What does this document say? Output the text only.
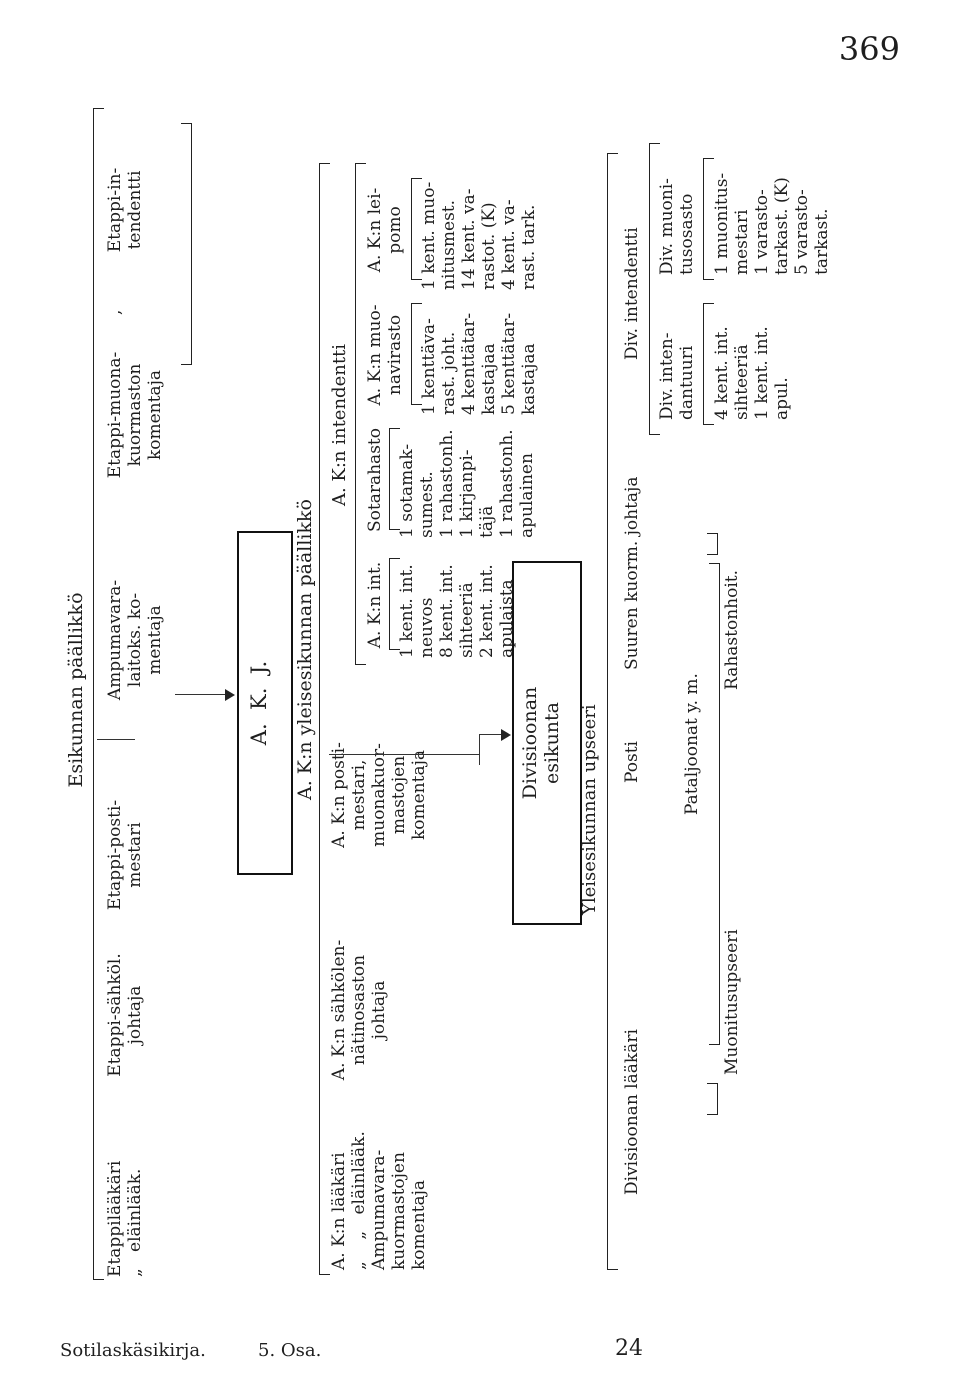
369
Sotilaskäsikirja.	5. Osa.	24
Esikunnan päällikkö
Etappilääkäri
„   eläinlääk.
Etappi-sähköl.
johtaja
Etappi-posti-
mestari
Ampumavara-
laitoks. ko-
mentaja
Etappi-muona-
kuormaston
komentaja
,
Etappi-in-
tendentti
A.  K.  J. A. K:n yleisesikunnan päällikkö
A. K:n lääkäri
„    „   eläinlääk.
Ampumavara-
kuormastojen
komentaja
A. K:n sähkölen-
nätinosaston
johtaja
A. K:n posti-
mestari,
muonakuor-
mastojen
komentaja
A. K:n intendentti
A. K:n int.
1 kent. int.
neuvos
8 kent. int.
sihteeriä
2 kent. int.
apulaista
Sotarahasto
1 sotamak-
sumest.
1 rahastonh.
1 kirjanpi-
täjä
1 rahastonh.
apulainen
A. K:n muo-
navirasto
1 kenttäva-
rast. joht.
4 kenttätar-
kastajaa
5 kenttätar-
kastajaa
A. K:n lei-
pomo
1 kent. muo-
nitusmest.
14 kent. va-
rastot. (K)
4 kent. va-
rast. tark.
Divisioonan
esikunta Yleisesikunnan upseeri
Divisioonan lääkäri
Posti
Suuren kuorm. johtaja
Div. intendentti
Div. inten-
dantuuri 4 kent. int.
sihteeriä
1 kent. int.
apul.
Div. muoni-
tusosasto 1 muonitus-
mestari
1 varasto-
tarkast. (K)
5 varasto-
tarkast.
Pataljoonat y. m.
Muonitusupseeri
Rahastonhoit.
